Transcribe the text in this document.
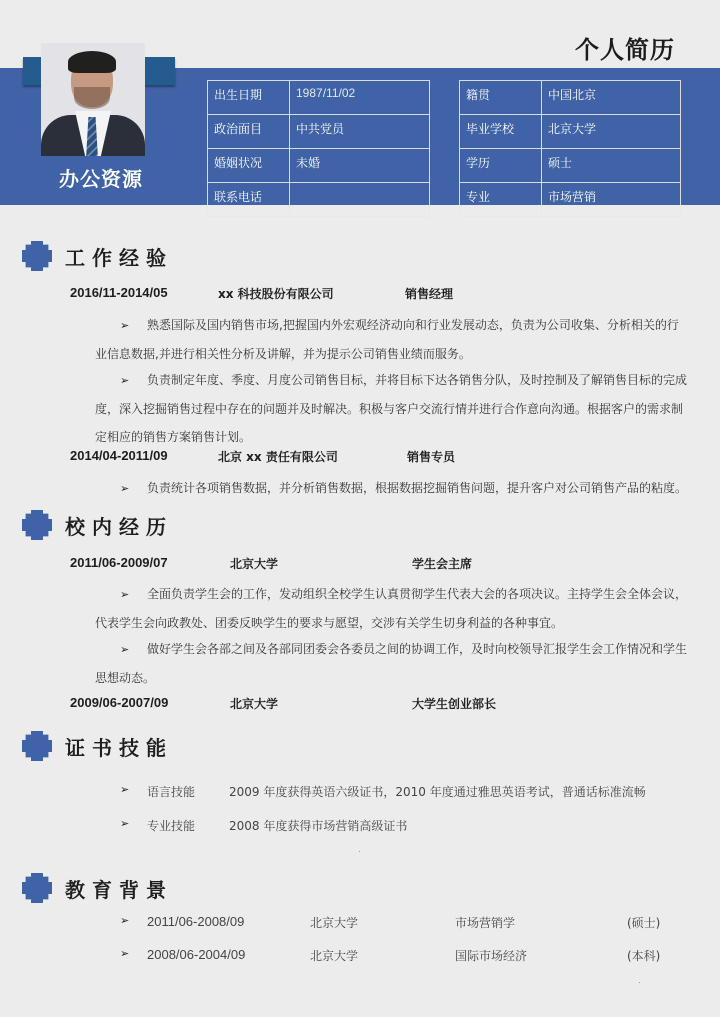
个人简历
办公资源
出生日期	1987/11/02
政治面目	中共党员
婚姻状况	未婚
联系电话	
籍贯	中国北京
毕业学校	北京大学
学历	硕士
专业	市场营销
工作经验
2016/11-2014/05	xx 科技股份有限公司	销售经理
➢ 熟悉国际及国内销售市场,把握国内外宏观经济动向和行业发展动态，负责为公司收集、分析相关的行业信息数据,并进行相关性分析及讲解，并为提示公司销售业绩而服务。
➢ 负责制定年度、季度、月度公司销售目标，并将目标下达各销售分队，及时控制及了解销售目标的完成度，深入挖掘销售过程中存在的问题并及时解决。积极与客户交流行情并进行合作意向沟通。根据客户的需求制定相应的销售方案销售计划。
2014/04-2011/09	北京 xx 责任有限公司	销售专员
➢ 负责统计各项销售数据，并分析销售数据，根据数据挖掘销售问题，提升客户对公司销售产品的粘度。
校内经历
2011/06-2009/07	北京大学	学生会主席
➢ 全面负责学生会的工作，发动组织全校学生认真贯彻学生代表大会的各项决议。主持学生会全体会议，代表学生会向政教处、团委反映学生的要求与愿望，交涉有关学生切身利益的各种事宜。
➢ 做好学生会各部之间及各部同团委会各委员之间的协调工作，及时向校领导汇报学生会工作情况和学生思想动态。
2009/06-2007/09	北京大学	大学生创业部长
证书技能
➢ 语言技能	2009 年度获得英语六级证书，2010 年度通过雅思英语考试，普通话标准流畅
➢ 专业技能	2008 年度获得市场营销高级证书
教育背景
➢ 2011/06-2008/09	北京大学	市场营销学	(硕士)
➢ 2008/06-2004/09	北京大学	国际市场经济	(本科)
